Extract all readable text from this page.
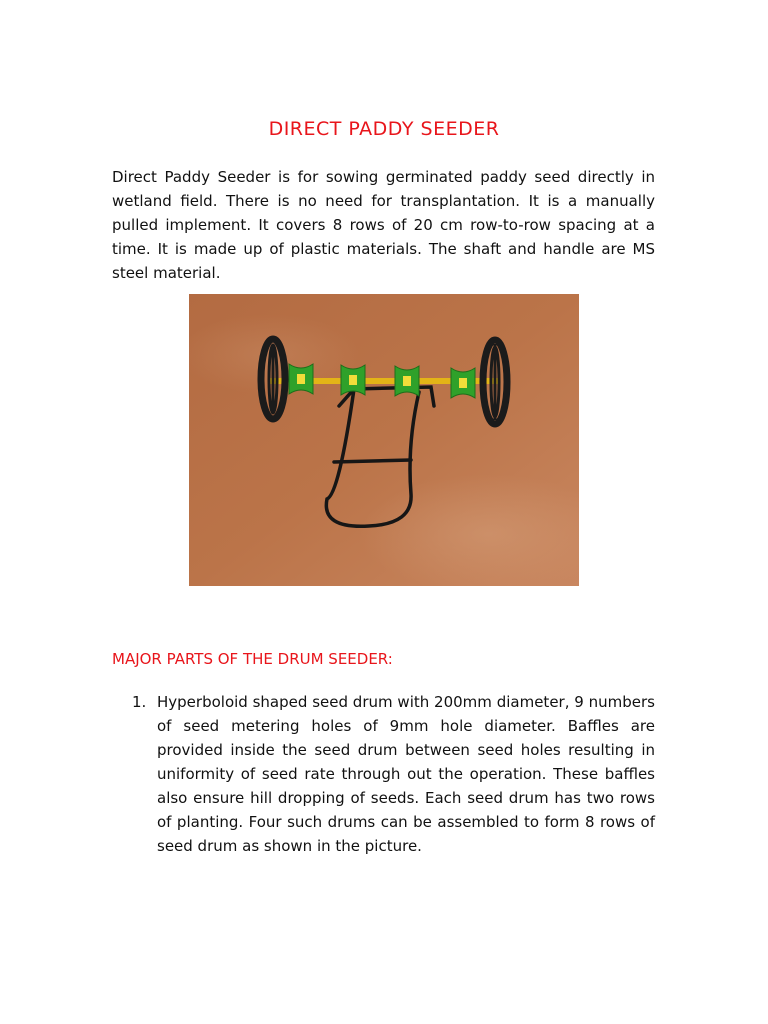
DIRECT PADDY SEEDER

Direct Paddy Seeder is for sowing germinated paddy seed directly in wetland field. There is no need for transplantation. It is a manually pulled implement. It covers 8 rows of 20 cm row-to-row spacing at a time. It is made up of plastic materials. The shaft and handle are MS steel material.

MAJOR PARTS OF THE DRUM SEEDER:
1. Hyperboloid shaped seed drum with 200mm diameter, 9 numbers of seed metering holes of 9mm hole diameter. Baffles are provided inside the seed drum between seed holes resulting in uniformity of seed rate through out the operation. These baffles also ensure hill dropping of seeds. Each seed drum has two rows of planting. Four such drums can be assembled to form 8 rows of seed drum as shown in the picture.
